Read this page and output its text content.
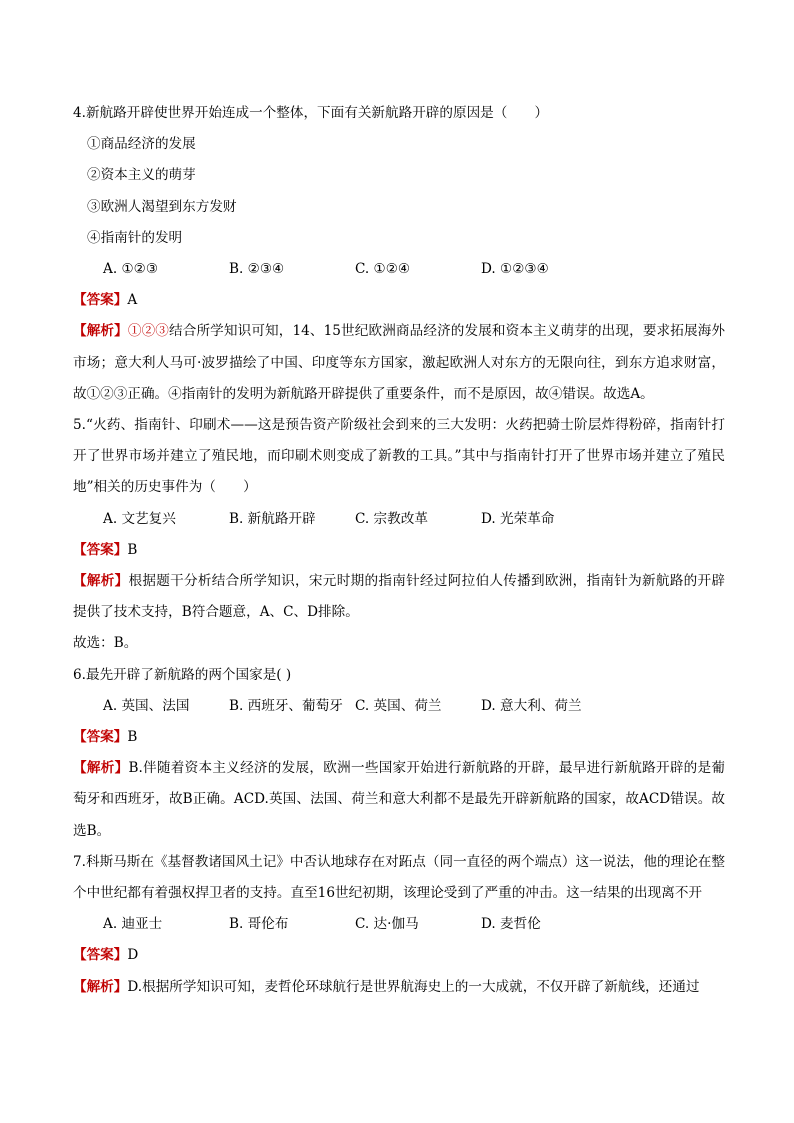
4.新航路开辟使世界开始连成一个整体，下面有关新航路开辟的原因是（　　）
①商品经济的发展
②资本主义的萌芽
③欧洲人渴望到东方发财
④指南针的发明
A. ①②③	B. ②③④	C. ①②④	D. ①②③④
【答案】A
【解析】①②③结合所学知识可知，14、15世纪欧洲商品经济的发展和资本主义萌芽的出现，要求拓展海外市场；意大利人马可·波罗描绘了中国、印度等东方国家，激起欧洲人对东方的无限向往，到东方追求财富，故①②③正确。④指南针的发明为新航路开辟提供了重要条件，而不是原因，故④错误。故选A。
5.“火药、指南针、印刷术——这是预告资产阶级社会到来的三大发明：火药把骑士阶层炸得粉碎，指南针打开了世界市场并建立了殖民地，而印刷术则变成了新教的工具。”其中与指南针打开了世界市场并建立了殖民地”相关的历史事件为（　　）
A. 文艺复兴	B. 新航路开辟	C. 宗教改革	D. 光荣革命
【答案】B
【解析】根据题干分析结合所学知识，宋元时期的指南针经过阿拉伯人传播到欧洲，指南针为新航路的开辟提供了技术支持，B符合题意，A、C、D排除。
故选：B。
6.最先开辟了新航路的两个国家是( )
A. 英国、法国	B. 西班牙、葡萄牙 C. 英国、荷兰	D. 意大利、荷兰
【答案】B
【解析】B.伴随着资本主义经济的发展，欧洲一些国家开始进行新航路的开辟，最早进行新航路开辟的是葡萄牙和西班牙，故B正确。ACD.英国、法国、荷兰和意大利都不是最先开辟新航路的国家，故ACD错误。故选B。
7.科斯马斯在《基督教诸国风土记》中否认地球存在对跖点（同一直径的两个端点）这一说法，他的理论在整个中世纪都有着强权捍卫者的支持。直至16世纪初期，该理论受到了严重的冲击。这一结果的出现离不开
A. 迪亚士	B. 哥伦布	C. 达·伽马	D. 麦哲伦
【答案】D
【解析】D.根据所学知识可知，麦哲伦环球航行是世界航海史上的一大成就，不仅开辟了新航线，还通过
